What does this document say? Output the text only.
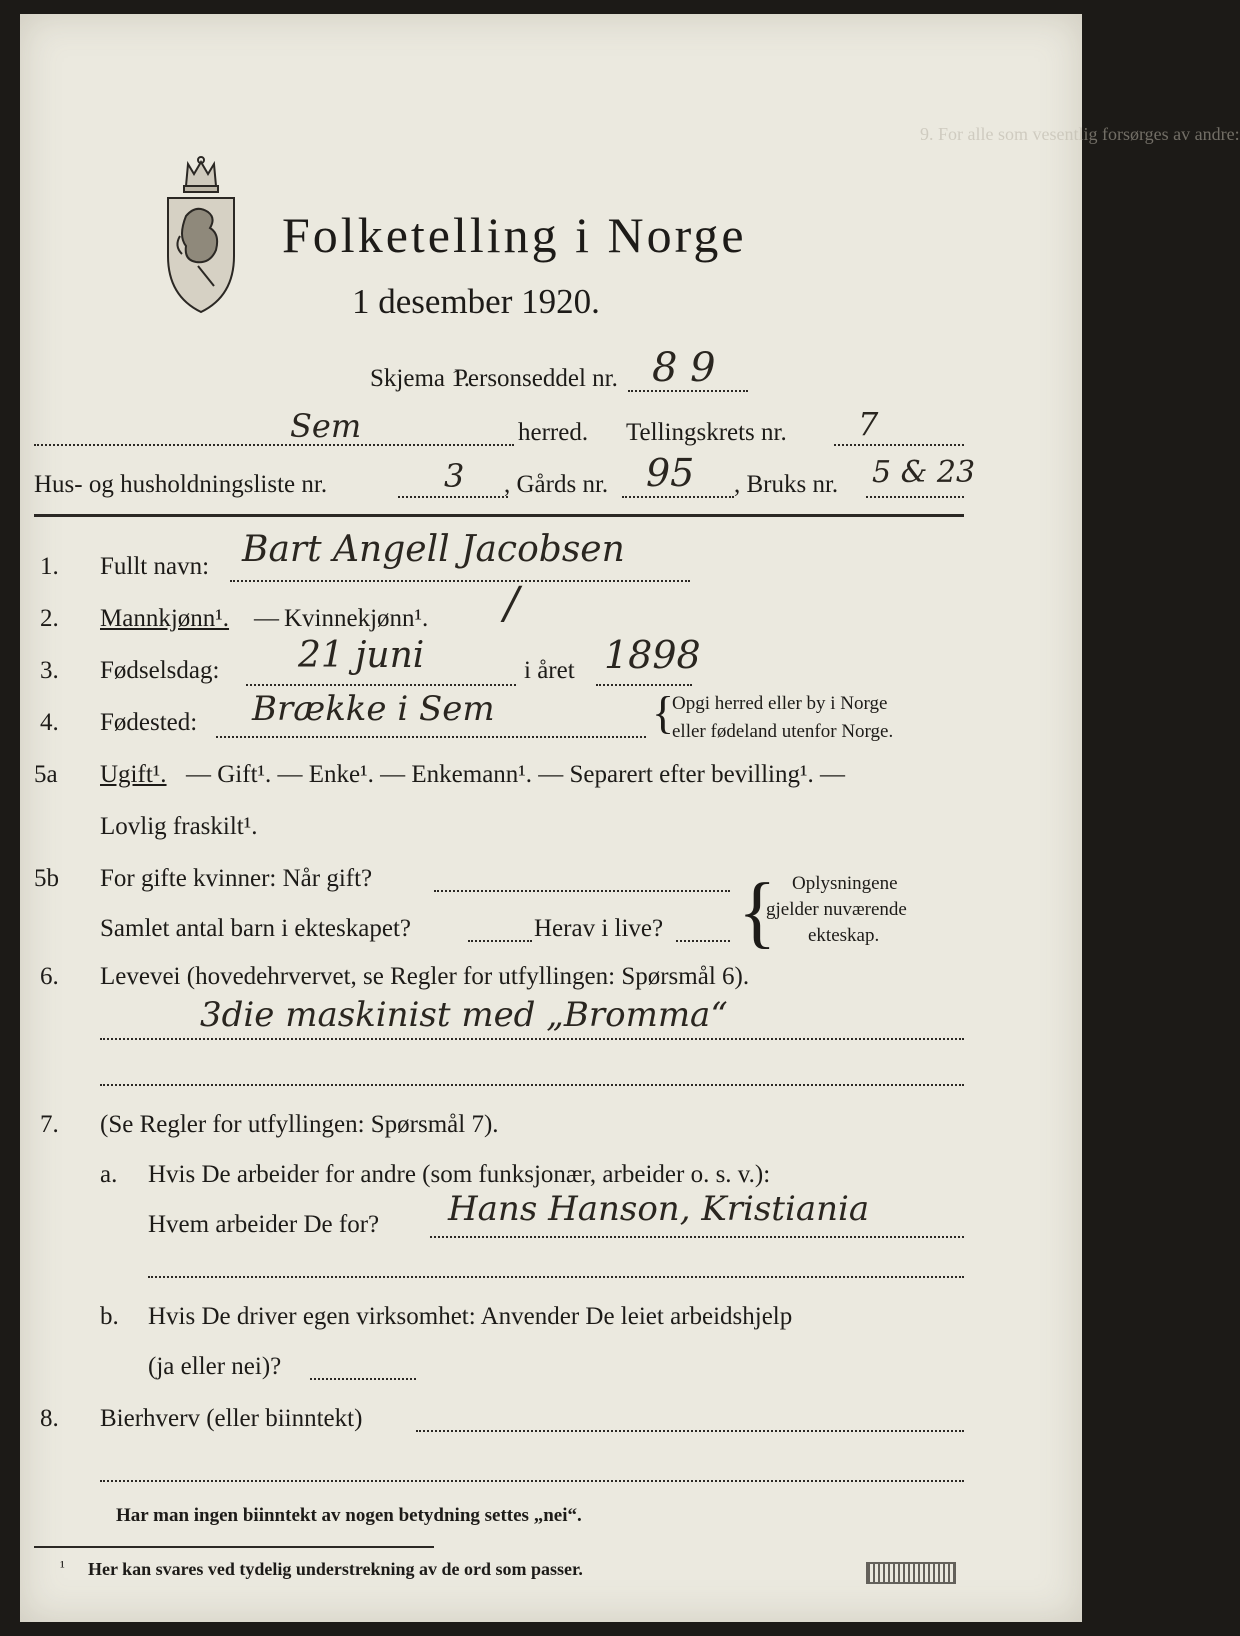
9. For alle som vesentlig forsørges av andre:
Folketelling i Norge
1 desember 1920.
Skjema 1.
Personseddel nr. 8 9
Sem	herred. Tellingskrets nr. 7
Hus- og husholdningsliste nr.	3 , Gårds nr. 95 , Bruks nr. 5 & 23
1. Fullt navn: Bart Angell Jacobsen
2. Mannkjønn¹. — Kvinnekjønn¹. /
3. Fødselsdag: 21 juni	i året 1898
4. Fødested: Brække i Sem	{
Opgi herred eller by i Norge
eller fødeland utenfor Norge.
5a Ugift¹. — Gift¹. — Enke¹. — Enkemann¹. — Separert efter bevilling¹. —
Lovlig fraskilt¹.
5b For gifte kvinner: Når gift?
Samlet antal barn i ekteskapet?	Herav i live? { Oplysningene
gjelder nuværende
ekteskap.
6. Levevei (hovedehrvervet, se Regler for utfyllingen: Spørsmål 6).
3die maskinist med „Bromma“
7. (Se Regler for utfyllingen: Spørsmål 7).
a. Hvis De arbeider for andre (som funksjonær, arbeider o. s. v.):
Hvem arbeider De for? Hans Hanson, Kristiania
b. Hvis De driver egen virksomhet: Anvender De leiet arbeidshjelp
(ja eller nei)?
8. Bierhverv (eller biinntekt)
Har man ingen biinntekt av nogen betydning settes „nei“.
¹ Her kan svares ved tydelig understrekning av de ord som passer.
